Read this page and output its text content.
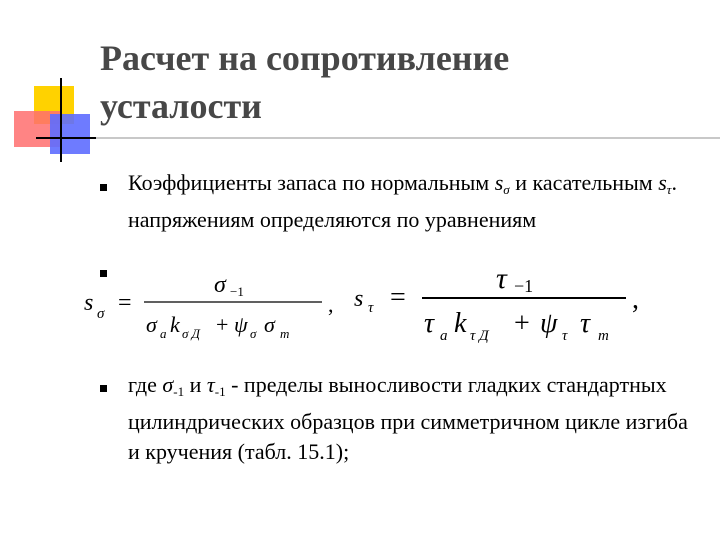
Расчет на сопротивление усталости
Коэффициенты запаса по нормальным $s_\sigma$ и касательным $s_\tau$. напряжениям определяются по уравнениям
s σ =
σ −1
σ a k σ Д + ψ σ σ m
, s τ =
τ −1
τ a k τ Д + ψ τ τ m
,
где $\sigma_{-1}$ и $\tau_{-1}$ - пределы выносливости гладких стандартных цилиндрических образцов при симметричном цикле изгиба и кручения (табл. 15.1);
